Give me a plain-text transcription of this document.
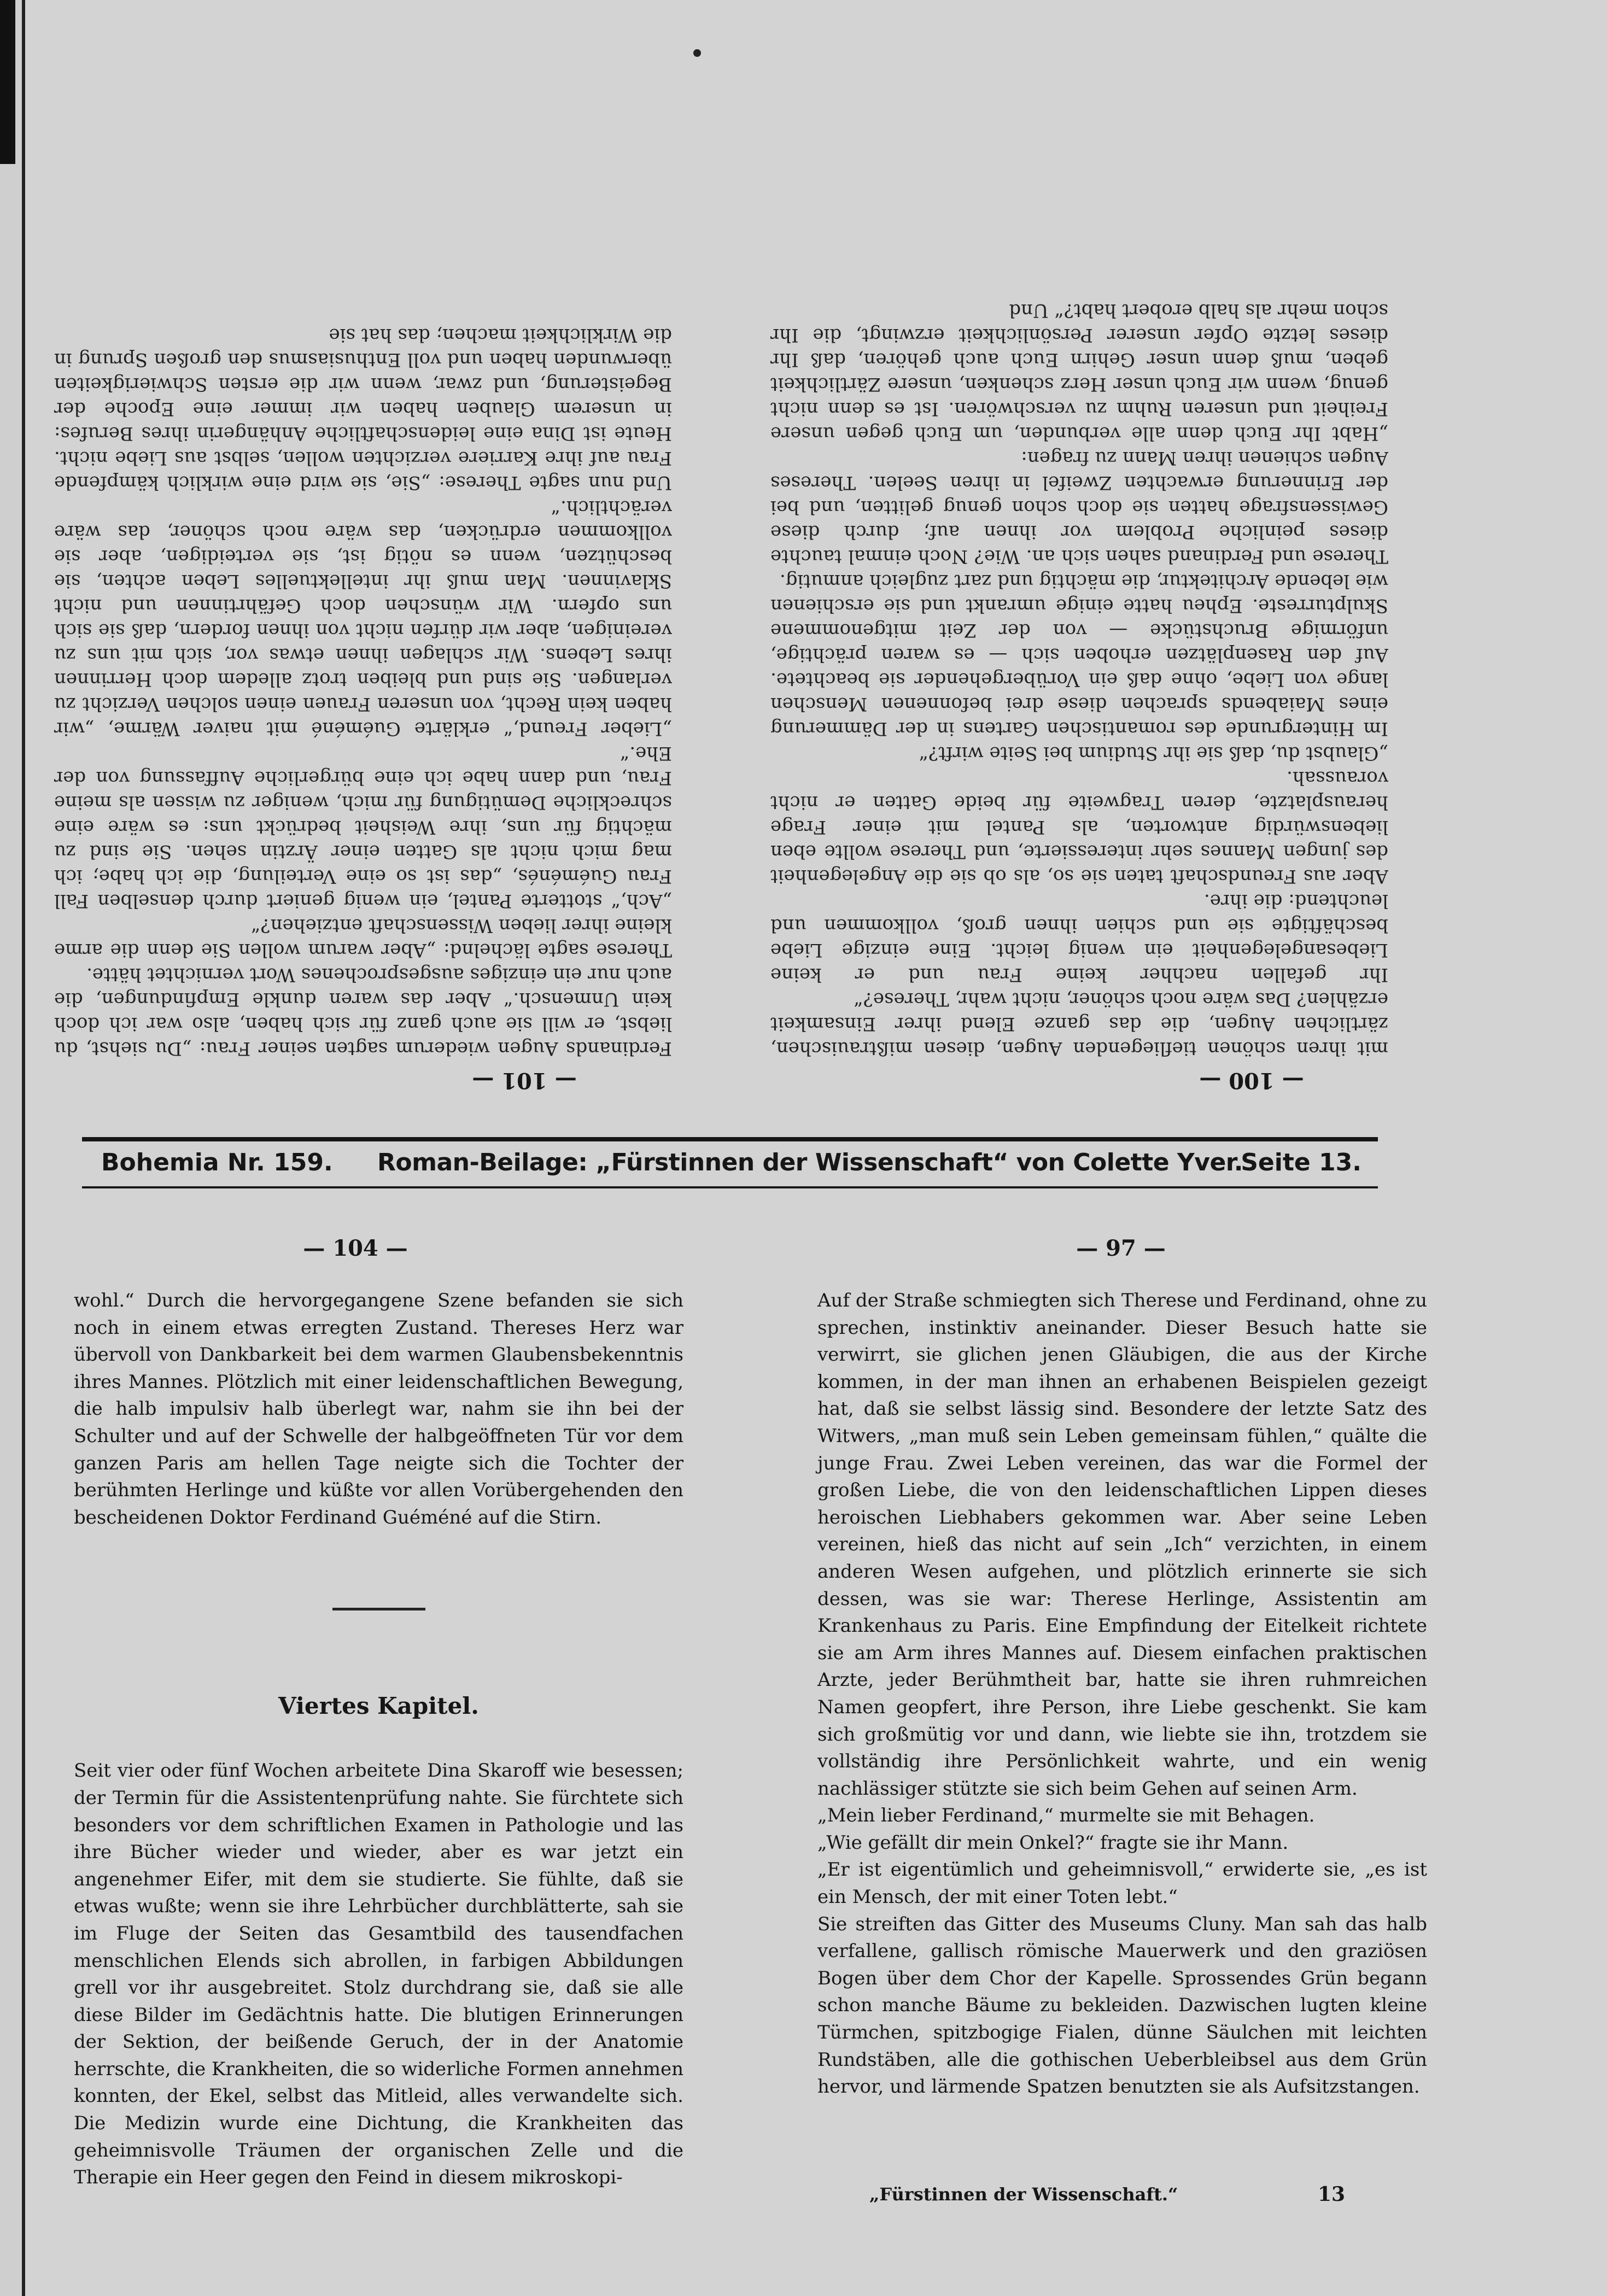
— 101 —	— 100 —
Ferdinands Augen wiederum sagten seiner Frau: „Du siehst, du liebst, er will sie auch ganz für sich haben, also war ich doch kein Unmensch.“ Aber das waren dunkle Empfindungen, die auch nur ein einziges ausgesprochenes Wort vernichtet hätte.
Therese sagte lächelnd: „Aber warum wollen Sie denn die arme kleine ihrer lieben Wissenschaft entziehen?“
„Ach,“ stotterte Pantel, ein wenig geniert durch denselben Fall Frau Guéménés, „das ist so eine Verteilung, die ich habe; ich mag mich nicht als Gatten einer Ärztin sehen. Sie sind zu mächtig für uns, ihre Weisheit bedrückt uns: es wäre eine schreckliche Demütigung für mich, weniger zu wissen als meine Frau, und dann habe ich eine bürgerliche Auffassung von der Ehe.“
„Lieber Freund,“ erklärte Guéméné mit naiver Wärme, „wir haben kein Recht, von unseren Frauen einen solchen Verzicht zu verlangen. Sie sind und bleiben trotz alledem doch Herrinnen ihres Lebens. Wir schlagen ihnen etwas vor, sich mit uns zu vereinigen, aber wir dürfen nicht von ihnen fordern, daß sie sich uns opfern. Wir wünschen doch Gefährtinnen und nicht Sklavinnen. Man muß ihr intellektuelles Leben achten, sie beschützen, wenn es nötig ist, sie verteidigen, aber sie vollkommen erdrücken, das wäre noch schöner, das wäre verächtlich.“
Und nun sagte Therese: „Sie, sie wird eine wirklich kämpfende Frau auf ihre Karriere verzichten wollen, selbst aus Liebe nicht. Heute ist Dina eine leidenschaftliche Anhängerin ihres Berufes: in unserem Glauben haben wir immer eine Epoche der Begeisterung, und zwar, wenn wir die ersten Schwierigkeiten überwunden haben und voll Enthusiasmus den großen Sprung in die Wirklichkeit machen; das hat sie
mit ihren schönen tiefliegenden Augen, diesen mißtrauischen, zärtlichen Augen, die das ganze Elend ihrer Einsamkeit erzählen? Das wäre noch schöner, nicht wahr, Therese?“
Ihr gefallen nachher keine Frau und er keine Liebesangelegenheit ein wenig leicht. Eine einzige Liebe beschäftigte sie und schien ihnen groß, vollkommen und leuchtend: die ihre.
Aber aus Freundschaft taten sie so, als ob sie die Angelegenheit des jungen Mannes sehr interessierte, und Therese wollte eben liebenswürdig antworten, als Pantel mit einer Frage herausplatzte, deren Tragweite für beide Gatten er nicht voraussah.
„Glaubst du, daß sie ihr Studium bei Seite wirft?“
Im Hintergrunde des romantischen Gartens in der Dämmerung eines Maiabends sprachen diese drei befonnenen Menschen lange von Liebe, ohne daß ein Vorübergehender sie beachtete. Auf den Rasenplätzen erhoben sich — es waren prächtige, unförmige Bruchstücke — von der Zeit mitgenommene Skulpturreste. Epheu hatte einige umrankt und sie erschienen wie lebende Architektur, die mächtig und zart zugleich anmutig.
Therese und Ferdinand sahen sich an. Wie? Noch einmal tauchte dieses peinliche Problem vor ihnen auf; durch diese Gewissensfrage hatten sie doch schon genug gelitten, und bei der Erinnerung erwachten Zweifel in ihren Seelen. Thereses Augen schienen ihren Mann zu fragen:
„Habt Ihr Euch denn alle verbunden, um Euch gegen unsere Freiheit und unseren Ruhm zu verschwören. Ist es denn nicht genug, wenn wir Euch unser Herz schenken, unsere Zärtlichkeit geben, muß denn unser Gehirn Euch auch gehören, daß Ihr dieses letzte Opfer unserer Persönlichkeit erzwingt, die Ihr schon mehr als halb erobert habt?“ Und
Bohemia Nr. 159. Roman-Beilage: „Fürstinnen der Wissenschaft“ von Colette Yver.
Seite 13.
— 104 —
wohl.“ Durch die hervorgegangene Szene befanden sie sich noch in einem etwas erregten Zustand. Thereses Herz war übervoll von Dankbarkeit bei dem warmen Glaubensbekenntnis ihres Mannes. Plötzlich mit einer leidenschaftlichen Bewegung, die halb impulsiv halb überlegt war, nahm sie ihn bei der Schulter und auf der Schwelle der halbgeöffneten Tür vor dem ganzen Paris am hellen Tage neigte sich die Tochter der berühmten Herlinge und küßte vor allen Vorübergehenden den bescheidenen Doktor Ferdinand Guéméné auf die Stirn.

Viertes Kapitel.

Seit vier oder fünf Wochen arbeitete Dina Skaroff wie besessen; der Termin für die Assistentenprüfung nahte. Sie fürchtete sich besonders vor dem schriftlichen Examen in Pathologie und las ihre Bücher wieder und wieder, aber es war jetzt ein angenehmer Eifer, mit dem sie studierte. Sie fühlte, daß sie etwas wußte; wenn sie ihre Lehrbücher durchblätterte, sah sie im Fluge der Seiten das Gesamtbild des tausendfachen menschlichen Elends sich abrollen, in farbigen Abbildungen grell vor ihr ausgebreitet. Stolz durchdrang sie, daß sie alle diese Bilder im Gedächtnis hatte. Die blutigen Erinnerungen der Sektion, der beißende Geruch, der in der Anatomie herrschte, die Krankheiten, die so widerliche Formen annehmen konnten, der Ekel, selbst das Mitleid, alles verwandelte sich. Die Medizin wurde eine Dichtung, die Krankheiten das geheimnisvolle Träumen der organischen Zelle und die Therapie ein Heer gegen den Feind in diesem mikroskopi-
— 97 —
Auf der Straße schmiegten sich Therese und Ferdinand, ohne zu sprechen, instinktiv aneinander. Dieser Besuch hatte sie verwirrt, sie glichen jenen Gläubigen, die aus der Kirche kommen, in der man ihnen an erhabenen Beispielen gezeigt hat, daß sie selbst lässig sind. Besondere der letzte Satz des Witwers, „man muß sein Leben gemeinsam fühlen,“ quälte die junge Frau. Zwei Leben vereinen, das war die Formel der großen Liebe, die von den leidenschaftlichen Lippen dieses heroischen Liebhabers gekommen war. Aber seine Leben vereinen, hieß das nicht auf sein „Ich“ verzichten, in einem anderen Wesen aufgehen, und plötzlich erinnerte sie sich dessen, was sie war: Therese Herlinge, Assistentin am Krankenhaus zu Paris. Eine Empfindung der Eitelkeit richtete sie am Arm ihres Mannes auf. Diesem einfachen praktischen Arzte, jeder Berühmtheit bar, hatte sie ihren ruhmreichen Namen geopfert, ihre Person, ihre Liebe geschenkt. Sie kam sich großmütig vor und dann, wie liebte sie ihn, trotzdem sie vollständig ihre Persönlichkeit wahrte, und ein wenig nachlässiger stützte sie sich beim Gehen auf seinen Arm.
„Mein lieber Ferdinand,“ murmelte sie mit Behagen.
„Wie gefällt dir mein Onkel?“ fragte sie ihr Mann.
„Er ist eigentümlich und geheimnisvoll,“ erwiderte sie, „es ist ein Mensch, der mit einer Toten lebt.“
Sie streiften das Gitter des Museums Cluny. Man sah das halb verfallene, gallisch römische Mauerwerk und den graziösen Bogen über dem Chor der Kapelle. Sprossendes Grün begann schon manche Bäume zu bekleiden. Dazwischen lugten kleine Türmchen, spitzbogige Fialen, dünne Säulchen mit leichten Rundstäben, alle die gothischen Ueberbleibsel aus dem Grün hervor, und lärmende Spatzen benutzten sie als Aufsitzstangen.
„Fürstinnen der Wissenschaft.“	13
